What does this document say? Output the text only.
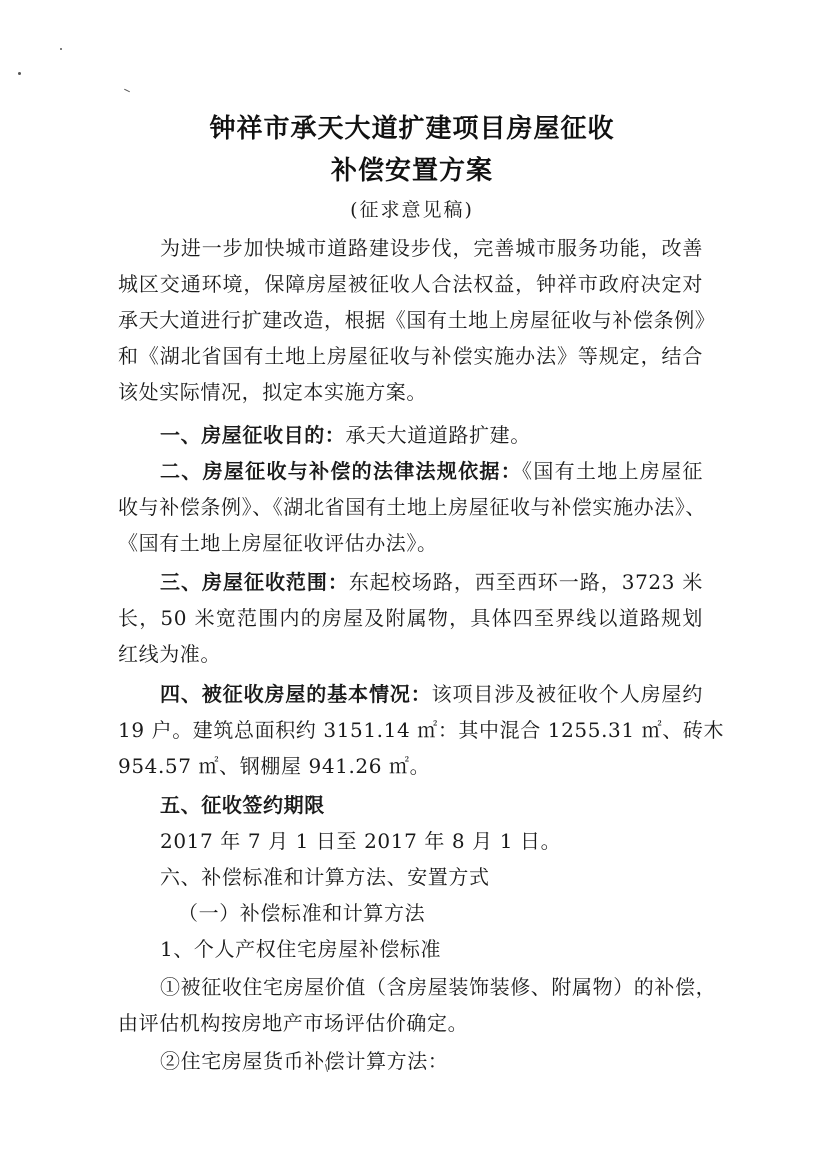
钟祥市承天大道扩建项目房屋征收
补偿安置方案
(征求意见稿)
为进一步加快城市道路建设步伐，完善城市服务功能，改善
城区交通环境，保障房屋被征收人合法权益，钟祥市政府决定对
承天大道进行扩建改造，根据《国有土地上房屋征收与补偿条例》
和《湖北省国有土地上房屋征收与补偿实施办法》等规定，结合
该处实际情况，拟定本实施方案。
一、房屋征收目的：承天大道道路扩建。
二、房屋征收与补偿的法律法规依据：《国有土地上房屋征
收与补偿条例》、《湖北省国有土地上房屋征收与补偿实施办法》、
《国有土地上房屋征收评估办法》。
三、房屋征收范围：东起校场路，西至西环一路，3723 米
长，50 米宽范围内的房屋及附属物，具体四至界线以道路规划
红线为准。
四、被征收房屋的基本情况：该项目涉及被征收个人房屋约
19 户。建筑总面积约 3151.14 ㎡：其中混合 1255.31 ㎡、砖木
954.57 ㎡、钢棚屋 941.26 ㎡。
五、征收签约期限
2017 年 7 月 1 日至 2017 年 8 月 1 日。
六、补偿标准和计算方法、安置方式
（一）补偿标准和计算方法
1、个人产权住宅房屋补偿标准
①被征收住宅房屋价值（含房屋装饰装修、附属物）的补偿，
由评估机构按房地产市场评估价确定。
②住宅房屋货币补偿计算方法：
